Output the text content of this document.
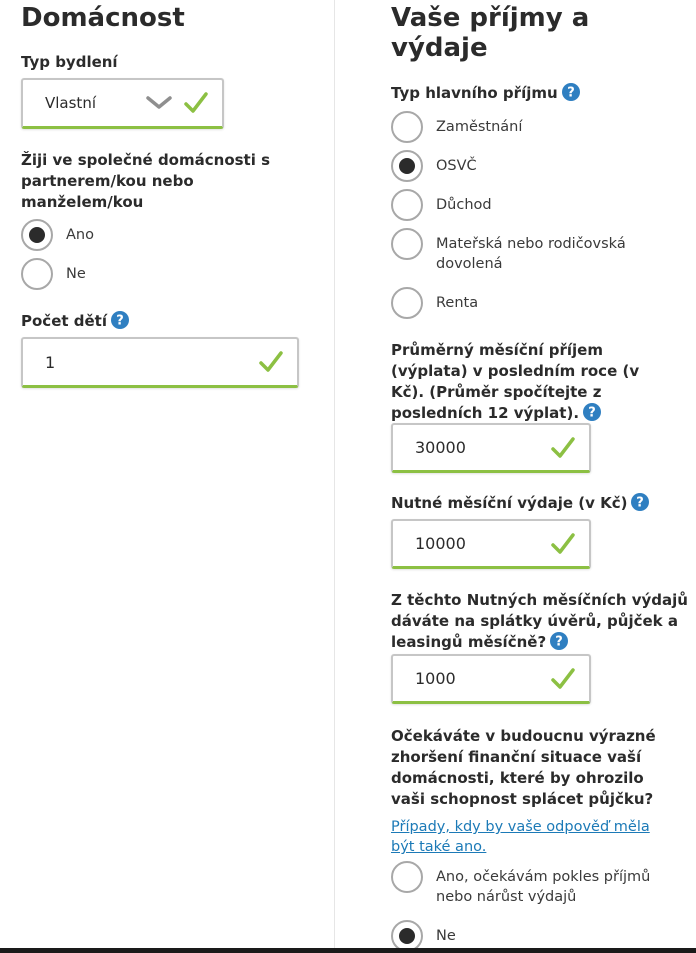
Domácnost
Typ bydlení
Vlastní
Žiji ve společné domácnosti s partnerem/kou nebo manželem/kou
Ano
Ne
Počet dětí ?
1
Vaše příjmy a výdaje
Typ hlavního příjmu ?
Zaměstnání
OSVČ
Důchod
Mateřská nebo rodičovská dovolená
Renta
Průměrný měsíční příjem (výplata) v posledním roce (v Kč). (Průměr spočítejte z posledních 12 výplat). ?
30000
Nutné měsíční výdaje (v Kč) ?
10000
Z těchto Nutných měsíčních výdajů dáváte na splátky úvěrů, půjček a leasingů měsíčně? ?
1000
Očekáváte v budoucnu výrazné zhoršení finanční situace vaší domácnosti, které by ohrozilo vaši schopnost splácet půjčku?
Případy, kdy by vaše odpověď měla být také ano.
Ano, očekávám pokles příjmů nebo nárůst výdajů
Ne
